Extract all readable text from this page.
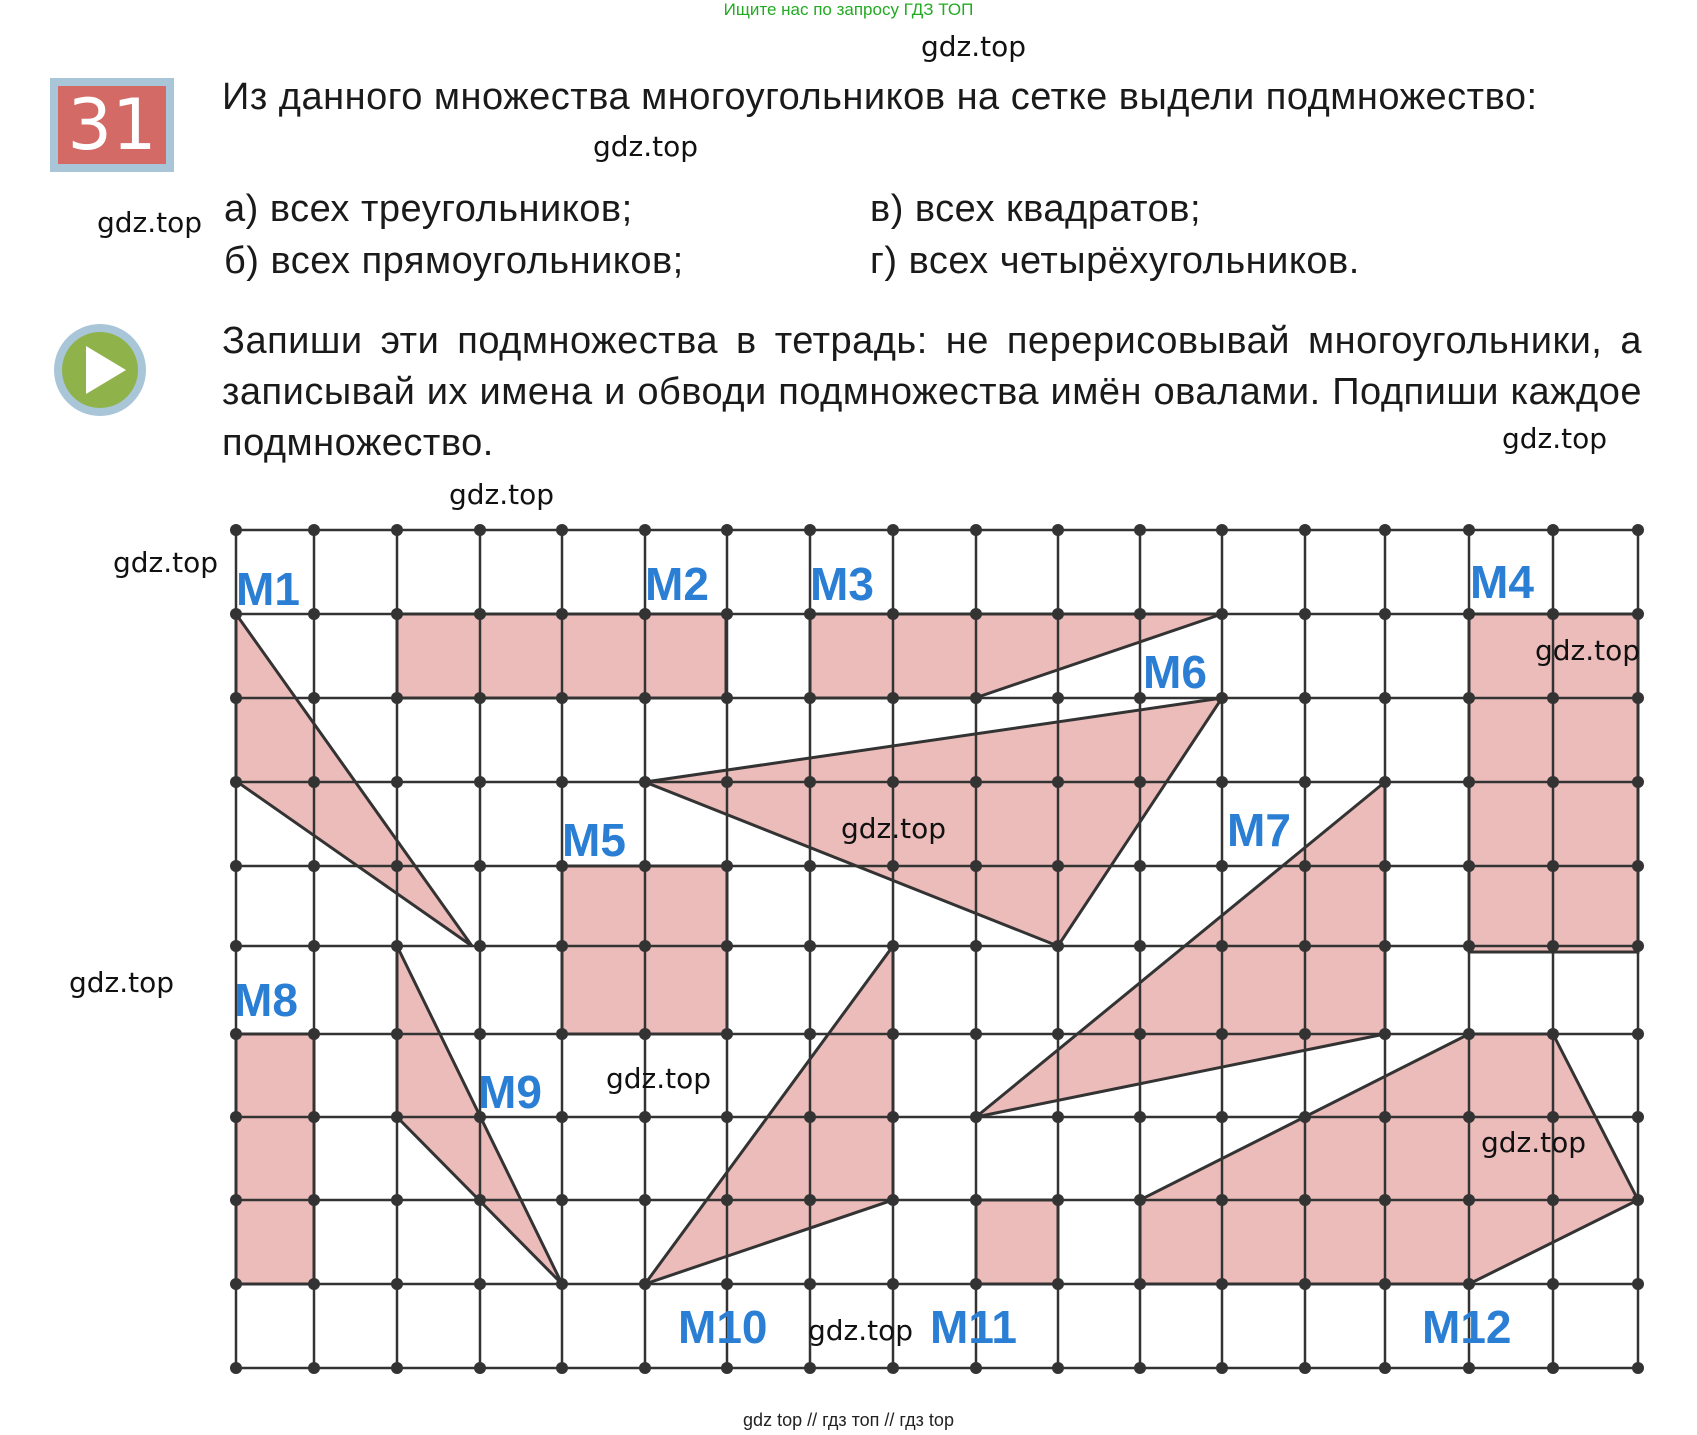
Ищите нас по запросу ГДЗ ТОП
31 Из данного множества многоугольников на сетке выдели подмножество:
а) всех треугольников;	в) всех квадратов;
б) всех прямоугольников;	г) всех четырёхугольников.
Запиши эти подмножества в тетрадь: не перерисовывай многоугольники, а записывай их имена и обводи подмножества имён овалами. Подпиши каждое подмножество.
M1	M2 M3	M4
M5
M6
M7
M8
M9
M10	M11	M12
gdz.top
gdz.top
gdz.top
gdz.top
gdz.top
gdz.top
gdz.top
gdz.top
gdz.top
gdz.top
gdz.top
gdz.top
gdz top // гдз топ // гдз top
